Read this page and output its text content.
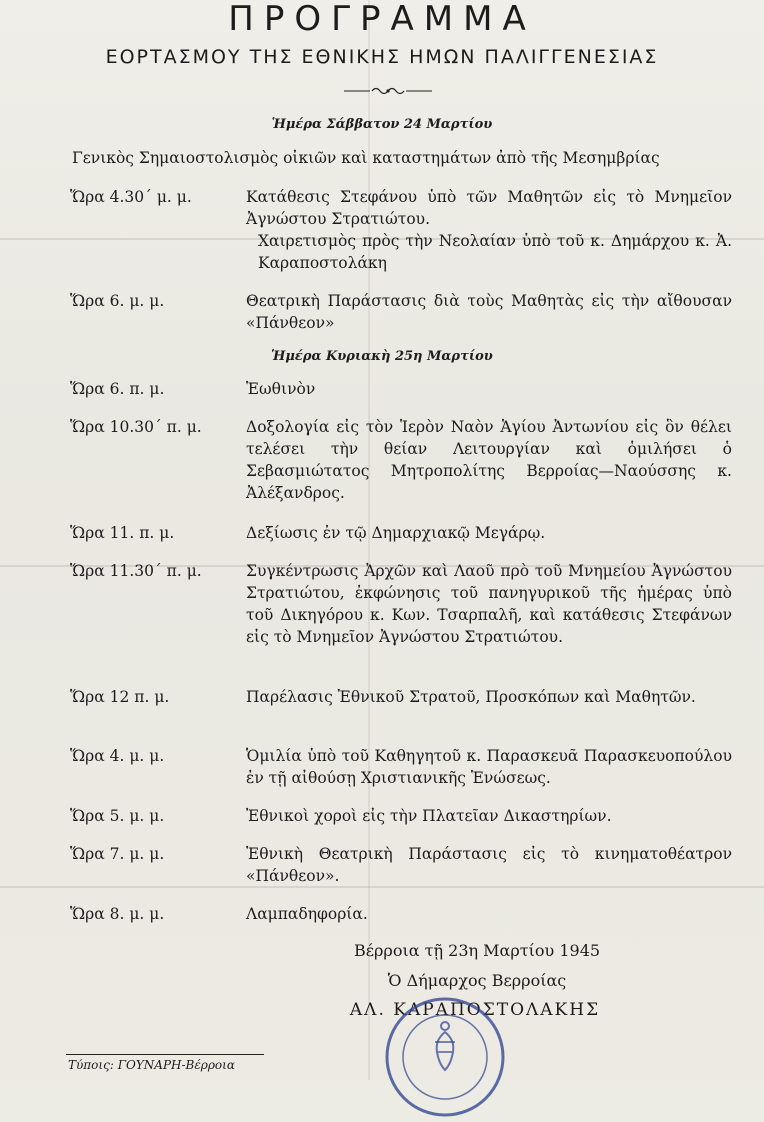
ΠΡΟΓΡΑΜΜΑ
ΕΟΡΤΑΣΜΟΥ ΤΗΣ ΕΘΝΙΚΗΣ ΗΜΩΝ ΠΑΛΙΓΓΕΝΕΣΙΑΣ
Ἡμέρα Σάββατον 24 Μαρτίου
Γενικὸς Σημαιοστολισμὸς οἰκιῶν καὶ καταστημάτων ἀπὸ τῆς Μεσημβρίας
Ὥρα 4.30΄ μ. μ.	Κατάθεσις Στεφάνου ὑπὸ τῶν Μαθητῶν εἰς τὸ Μνημεῖον Ἀγνώστου Στρατιώτου.
Χαιρετισμὸς πρὸς τὴν Νεολαίαν ὑπὸ τοῦ κ. Δημάρχου κ. Ἀ. Καραποστολάκη
Ὥρα 6. μ. μ.	Θεατρικὴ Παράστασις διὰ τοὺς Μαθητὰς εἰς τὴν αἴθουσαν «Πάνθεον»
Ἡμέρα Κυριακὴ 25η Μαρτίου
Ὥρα 6. π. μ.	Ἑωθινὸν
Ὥρα 10.30΄ π. μ.	Δοξολογία εἰς τὸν Ἱερὸν Ναὸν Ἁγίου Ἀντωνίου εἰς ὃν θέλει τελέσει τὴν θείαν Λειτουργίαν καὶ ὁμιλήσει ὁ Σεβασμιώτατος Μητροπολίτης Βερροίας—Ναούσσης κ. Ἀλέξανδρος.
Ὥρα 11. π. μ.	Δεξίωσις ἐν τῷ Δημαρχιακῷ Μεγάρῳ.
Ὥρα 11.30΄ π. μ.	Συγκέντρωσις Ἀρχῶν καὶ Λαοῦ πρὸ τοῦ Μνημείου Ἀγνώστου Στρατιώτου, ἐκφώνησις τοῦ πανηγυρικοῦ τῆς ἡμέρας ὑπὸ τοῦ Δικηγόρου κ. Κων. Τσαρπαλῆ, καὶ κατάθεσις Στεφάνων εἰς τὸ Μνημεῖον Ἀγνώστου Στρατιώτου.
Ὥρα 12 π. μ.	Παρέλασις Ἐθνικοῦ Στρατοῦ, Προσκόπων καὶ Μαθητῶν.
Ὥρα 4. μ. μ.	Ὁμιλία ὑπὸ τοῦ Καθηγητοῦ κ. Παρασκευᾶ Παρασκευοπούλου ἐν τῇ αἰθούσῃ Χριστιανικῆς Ἑνώσεως.
Ὥρα 5. μ. μ.	Ἐθνικοὶ χοροὶ εἰς τὴν Πλατεῖαν Δικαστηρίων.
Ὥρα 7. μ. μ.	Ἐθνικὴ Θεατρικὴ Παράστασις εἰς τὸ κινηματοθέατρον «Πάνθεον».
Ὥρα 8. μ. μ.	Λαμπαδηφορία.
Βέρροια τῇ 23η Μαρτίου 1945
Ὁ Δήμαρχος Βερροίας
ΑΛ. ΚΑΡΑΠΟΣΤΟΛΑΚΗΣ
Τύποις: ΓΟΥΝΑΡΗ-Βέρροια
